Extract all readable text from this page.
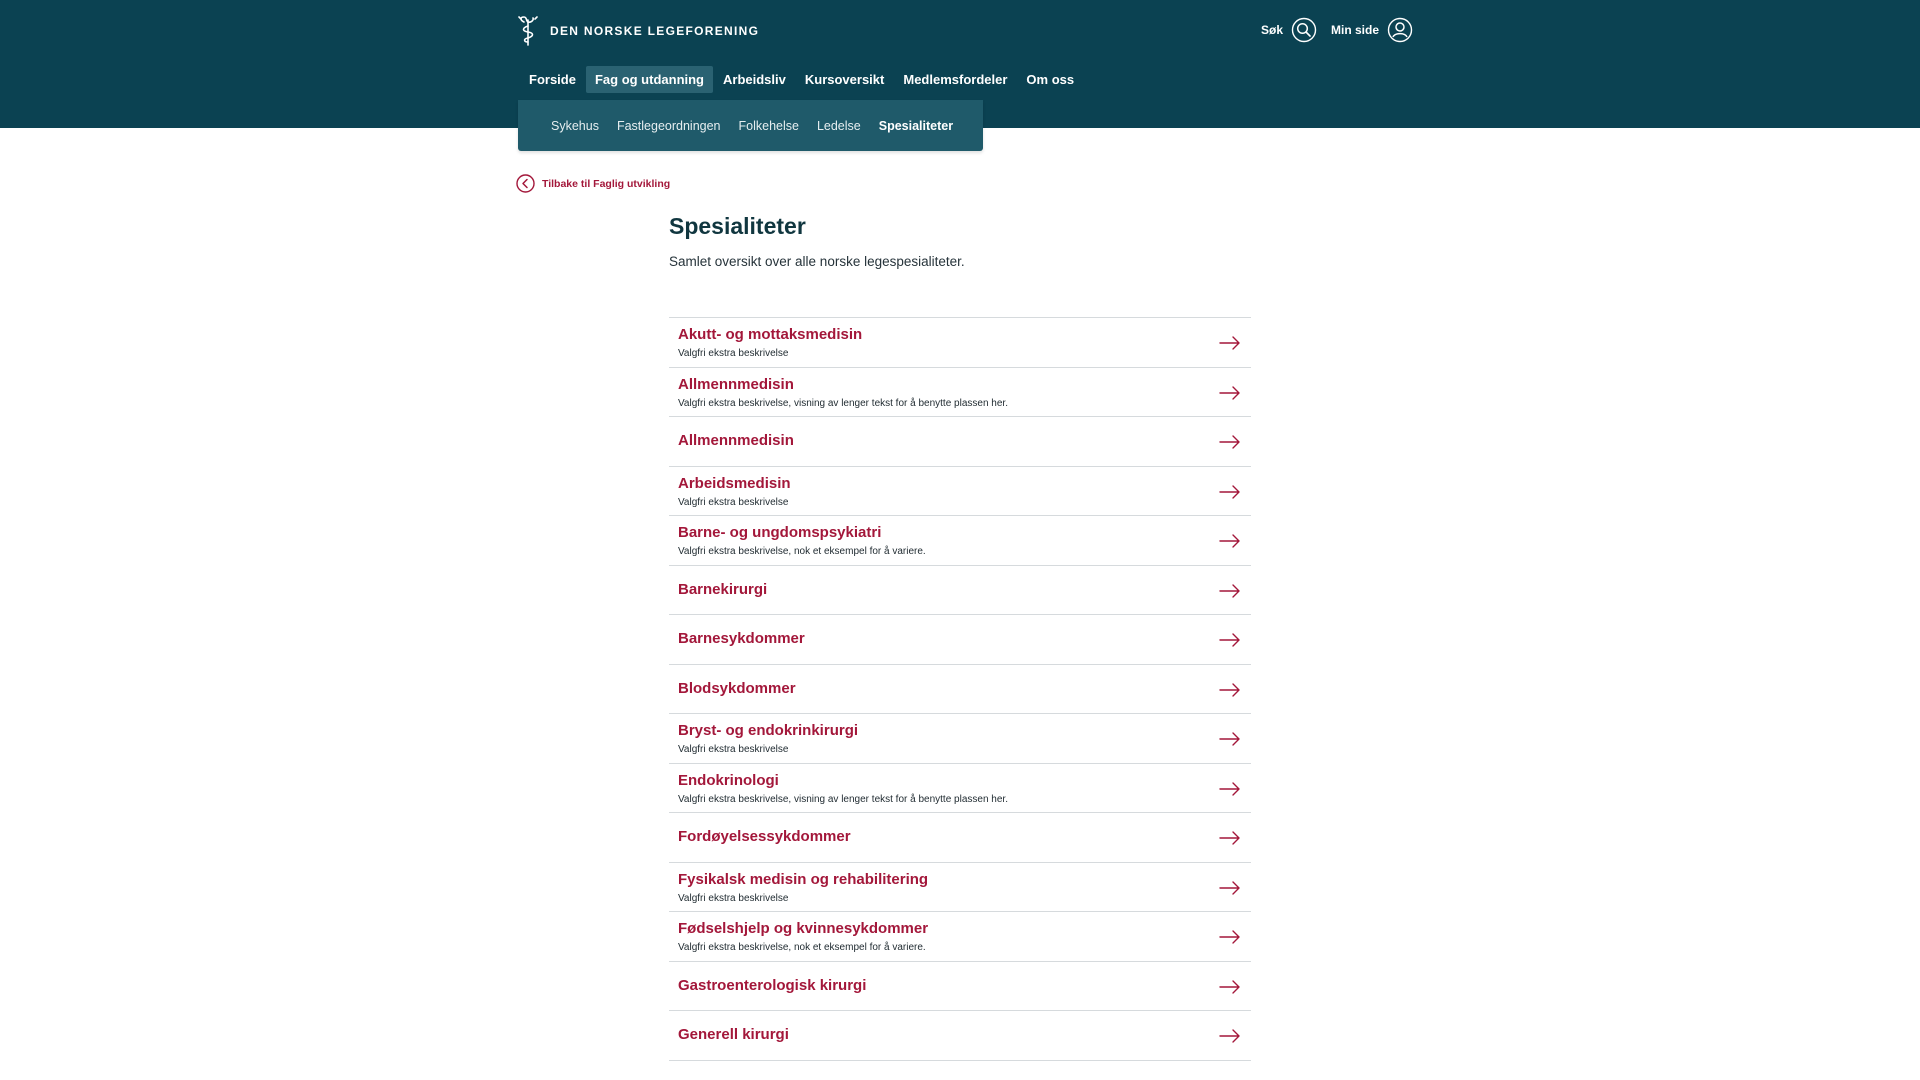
DEN NORSKE LEGEFORENING	Søk	Min side
Forside	Fag og utdanning	Arbeidsliv	Kursoversikt	Medlemsfordeler	Om oss
Sykehus	Fastlegeordningen	Folkehelse	Ledelse	Spesialiteter
Tilbake til Faglig utvikling
Spesialiteter

Samlet oversikt over alle norske legespesialiteter.

Akutt- og mottaksmedisin
Valgfri ekstra beskrivelse
Allmennmedisin
Valgfri ekstra beskrivelse, visning av lenger tekst for å benytte plassen her.
Allmennmedisin
Arbeidsmedisin
Valgfri ekstra beskrivelse
Barne- og ungdomspsykiatri
Valgfri ekstra beskrivelse, nok et eksempel for å variere.
Barnekirurgi
Barnesykdommer
Blodsykdommer
Bryst- og endokrinkirurgi
Valgfri ekstra beskrivelse
Endokrinologi
Valgfri ekstra beskrivelse, visning av lenger tekst for å benytte plassen her.
Fordøyelsessykdommer
Fysikalsk medisin og rehabilitering
Valgfri ekstra beskrivelse
Fødselshjelp og kvinnesykdommer
Valgfri ekstra beskrivelse, nok et eksempel for å variere.
Gastroenterologisk kirurgi
Generell kirurgi
